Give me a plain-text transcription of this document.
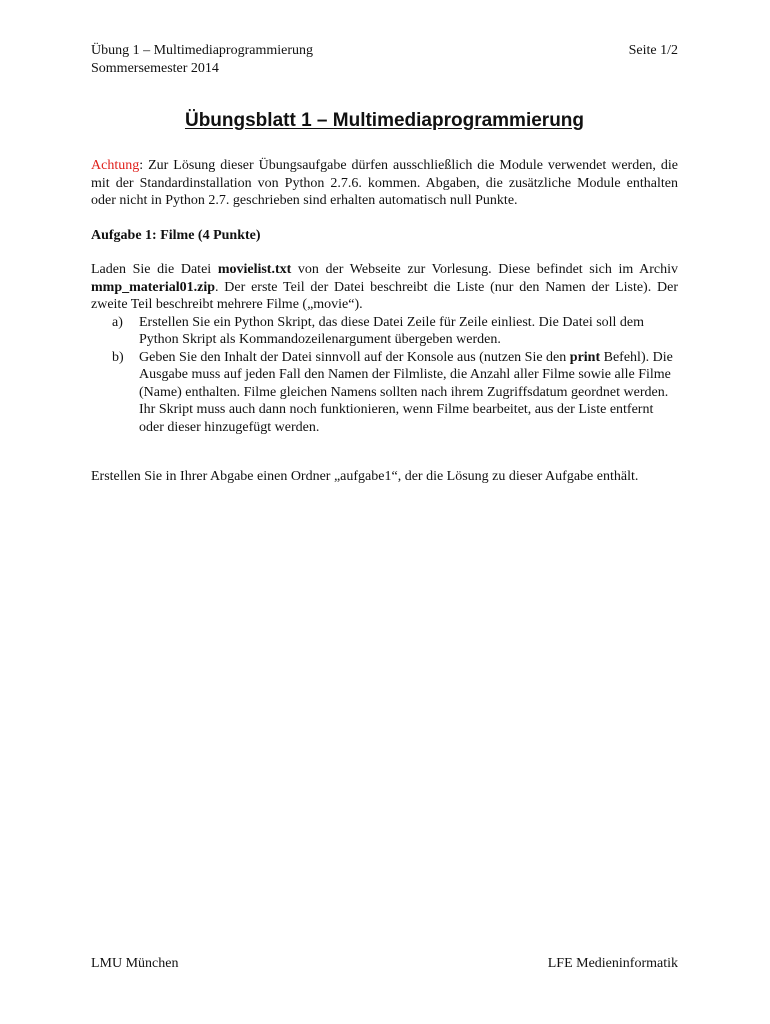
Übung 1 – Multimediaprogrammierung	Seite 1/2
Sommersemester 2014
Übungsblatt 1 – Multimediaprogrammierung

Achtung: Zur Lösung dieser Übungsaufgabe dürfen ausschließlich die Module verwendet werden, die mit der Standardinstallation von Python 2.7.6. kommen. Abgaben, die zusätzliche Module enthalten oder nicht in Python 2.7. geschrieben sind erhalten automatisch null Punkte.

Aufgabe 1: Filme (4 Punkte)

Laden Sie die Datei movielist.txt von der Webseite zur Vorlesung. Diese befindet sich im Archiv mmp_material01.zip. Der erste Teil der Datei beschreibt die Liste (nur den Namen der Liste). Der zweite Teil beschreibt mehrere Filme („movie“).

a)	Erstellen Sie ein Python Skript, das diese Datei Zeile für Zeile einliest. Die Datei soll dem Python Skript als Kommandozeilenargument übergeben werden.
b)	Geben Sie den Inhalt der Datei sinnvoll auf der Konsole aus (nutzen Sie den print Befehl). Die Ausgabe muss auf jeden Fall den Namen der Filmliste, die Anzahl aller Filme sowie alle Filme (Name) enthalten. Filme gleichen Namens sollten nach ihrem Zugriffsdatum geordnet werden. Ihr Skript muss auch dann noch funktionieren, wenn Filme bearbeitet, aus der Liste entfernt oder dieser hinzugefügt werden.

Erstellen Sie in Ihrer Abgabe einen Ordner „aufgabe1“, der die Lösung zu dieser Aufgabe enthält.

LMU München	LFE Medieninformatik
